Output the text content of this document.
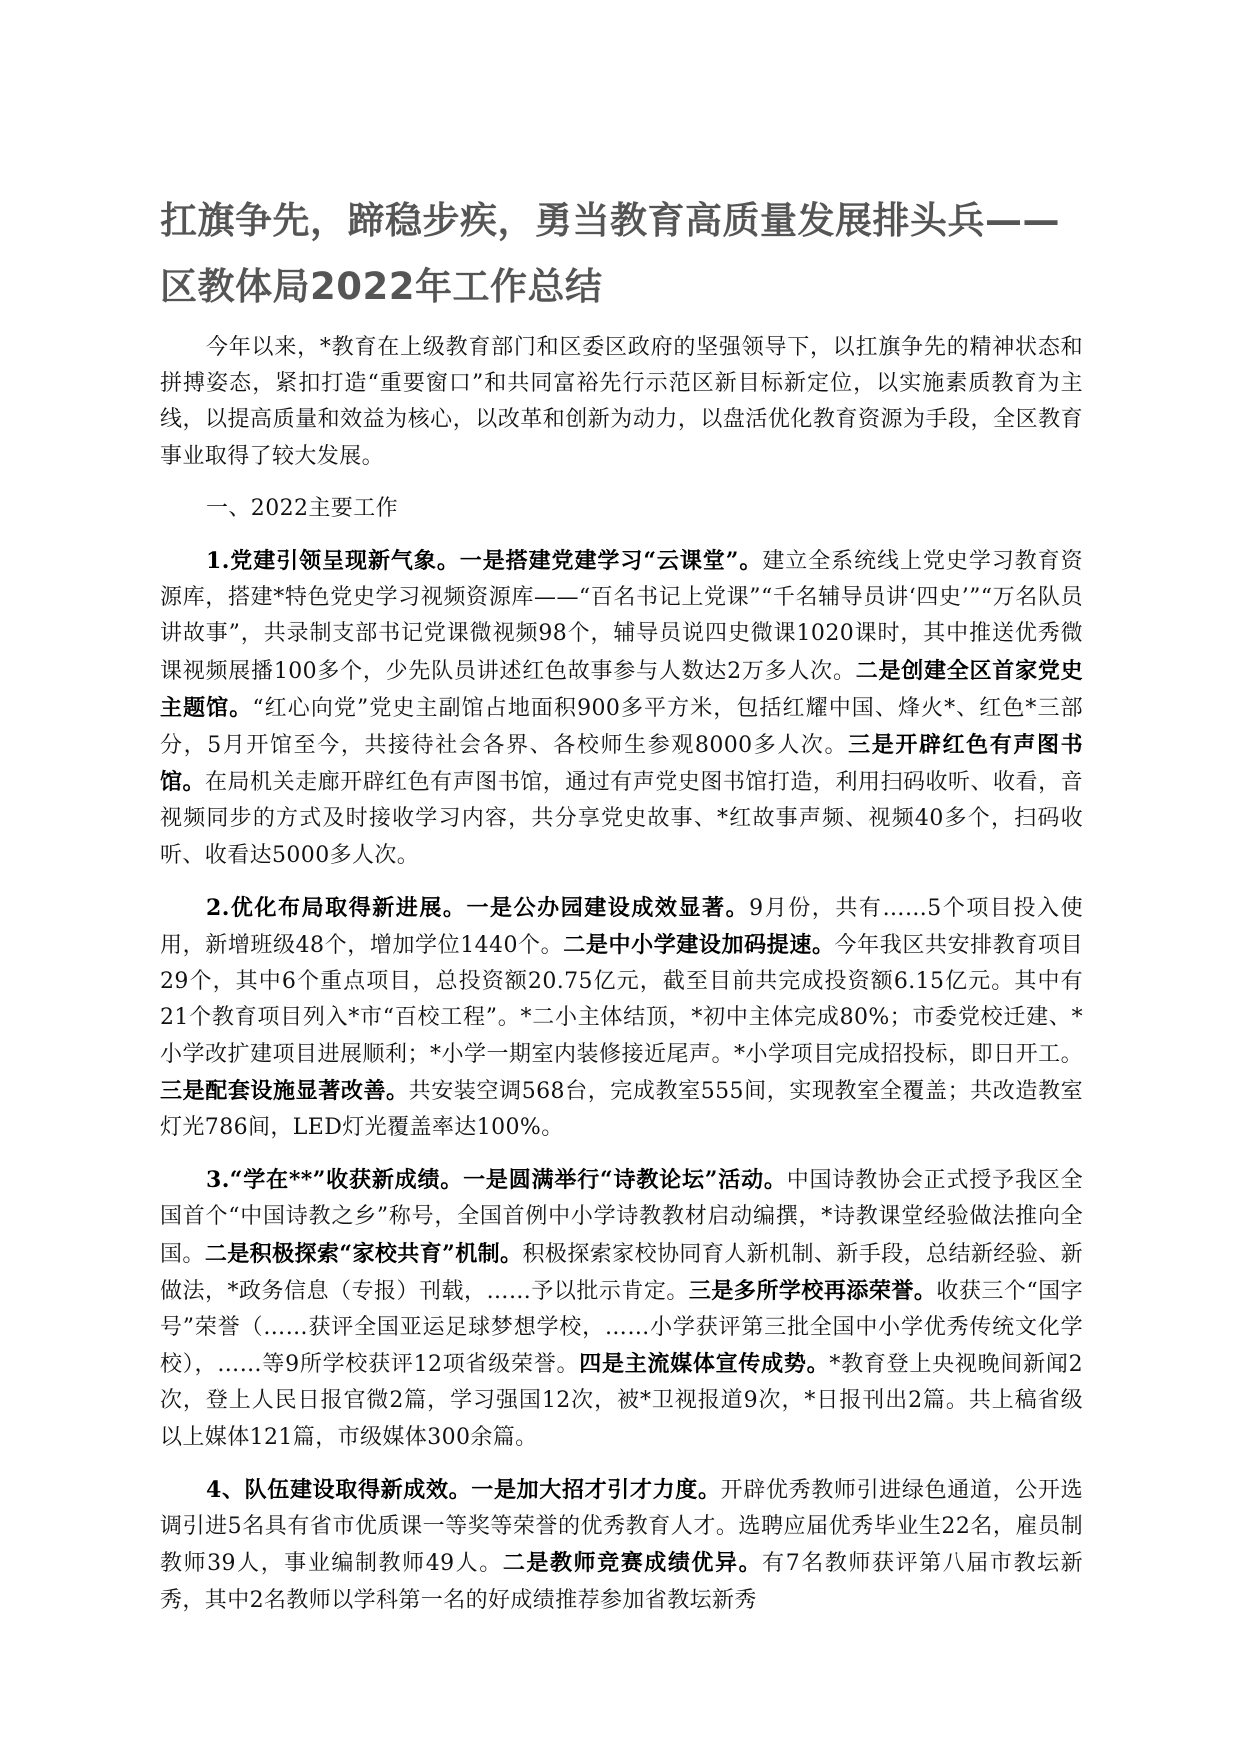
扛旗争先，蹄稳步疾，勇当教育高质量发展排头兵——
区教体局2022年工作总结

今年以来，*教育在上级教育部门和区委区政府的坚强领导下，以扛旗争先的精神状态和拼搏姿态，紧扣打造“重要窗口”和共同富裕先行示范区新目标新定位，以实施素质教育为主线，以提高质量和效益为核心，以改革和创新为动力，以盘活优化教育资源为手段，全区教育事业取得了较大发展。

一、2022主要工作

1.党建引领呈现新气象。一是搭建党建学习“云课堂”。建立全系统线上党史学习教育资源库，搭建*特色党史学习视频资源库——“百名书记上党课”“千名辅导员讲‘四史’”“万名队员讲故事”，共录制支部书记党课微视频98个，辅导员说四史微课1020课时，其中推送优秀微课视频展播100多个，少先队员讲述红色故事参与人数达2万多人次。二是创建全区首家党史主题馆。“红心向党”党史主副馆占地面积900多平方米，包括红耀中国、烽火*、红色*三部分，5月开馆至今，共接待社会各界、各校师生参观8000多人次。三是开辟红色有声图书馆。在局机关走廊开辟红色有声图书馆，通过有声党史图书馆打造，利用扫码收听、收看，音视频同步的方式及时接收学习内容，共分享党史故事、*红故事声频、视频40多个，扫码收听、收看达5000多人次。

2.优化布局取得新进展。一是公办园建设成效显著。9月份，共有……5个项目投入使用，新增班级48个，增加学位1440个。二是中小学建设加码提速。今年我区共安排教育项目29个，其中6个重点项目，总投资额20.75亿元，截至目前共完成投资额6.15亿元。其中有21个教育项目列入*市“百校工程”。*二小主体结顶，*初中主体完成80%；市委党校迁建、*小学改扩建项目进展顺利；*小学一期室内装修接近尾声。*小学项目完成招投标，即日开工。三是配套设施显著改善。共安装空调568台，完成教室555间，实现教室全覆盖；共改造教室灯光786间，LED灯光覆盖率达100%。

3.“学在**”收获新成绩。一是圆满举行“诗教论坛”活动。中国诗教协会正式授予我区全国首个“中国诗教之乡”称号，全国首例中小学诗教教材启动编撰，*诗教课堂经验做法推向全国。二是积极探索“家校共育”机制。积极探索家校协同育人新机制、新手段，总结新经验、新做法，*政务信息（专报）刊载，……予以批示肯定。三是多所学校再添荣誉。收获三个“国字号”荣誉（……获评全国亚运足球梦想学校，……小学获评第三批全国中小学优秀传统文化学校），……等9所学校获评12项省级荣誉。四是主流媒体宣传成势。*教育登上央视晚间新闻2次，登上人民日报官微2篇，学习强国12次，被*卫视报道9次，*日报刊出2篇。共上稿省级以上媒体121篇，市级媒体300余篇。

4、队伍建设取得新成效。一是加大招才引才力度。开辟优秀教师引进绿色通道，公开选调引进5名具有省市优质课一等奖等荣誉的优秀教育人才。选聘应届优秀毕业生22名，雇员制教师39人，事业编制教师49人。二是教师竞赛成绩优异。有7名教师获评第八届市教坛新秀，其中2名教师以学科第一名的好成绩推荐参加省教坛新秀
